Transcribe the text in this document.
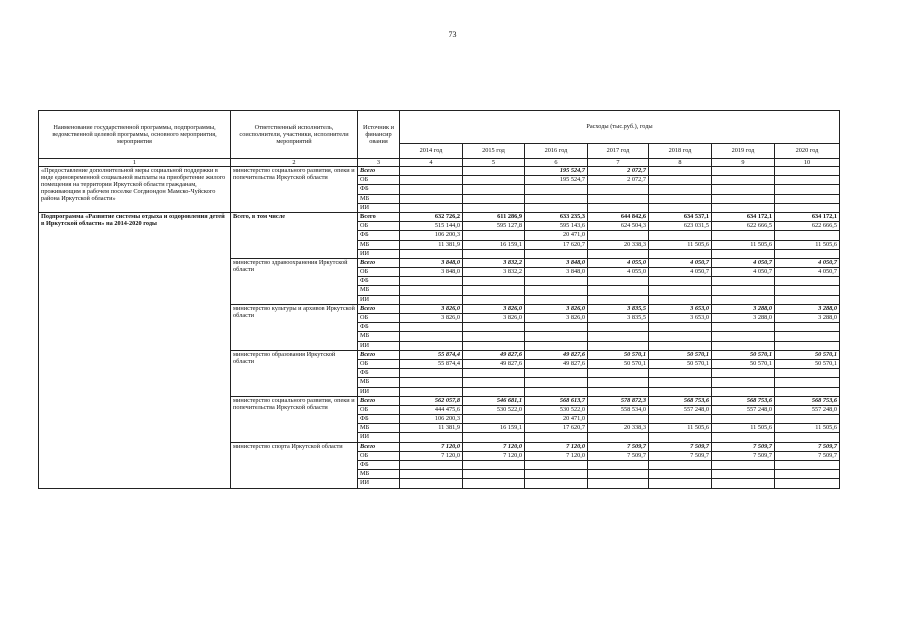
73
Наименование государственной программы, подпрограммы, ведомственной целевой программы, основного мероприятия, мероприятия	Ответственный исполнитель, соисполнители, участники, исполнители мероприятий	Источник и финансир ования	Расходы (тыс.руб.), годы						
			2014 год	2015 год	2016 год	2017 год	2018 год	2019 год	2020 год
1	2	3	4	5	6	7	8	9	10
«Предоставление дополнительной меры социальной поддержки в виде единовременной социальной выплаты на приобретение жилого помещения на территории Иркутской области гражданам, проживающим в рабочем поселке Согдиондон Мамско-Чуйского района Иркутской области»	министерство социального развития, опеки и попечительства Иркутской области	Всего			195 524,7	2 072,7			
		ОБ			195 524,7	2 072,7			
		ФБ							
		МБ							
		ИИ							
Подпрограмма «Развитие системы отдыха и оздоровления детей в Иркутской области» на 2014-2020 годы	Всего, в том числе	Всего	632 726,2	611 286,9	633 235,3	644 842,6	634 537,1	634 172,1	634 172,1
		ОБ	515 144,0	595 127,8	595 143,6	624 504,3	623 031,5	622 666,5	622 666,5
		ФБ	106 200,3		20 471,0				
		МБ	11 381,9	16 159,1	17 620,7	20 338,3	11 505,6	11 505,6	11 505,6
		ИИ							
	министерство здравоохранения Иркутской области	Всего	3 848,0	3 832,2	3 848,0	4 055,0	4 050,7	4 050,7	4 050,7
		ОБ	3 848,0	3 832,2	3 848,0	4 055,0	4 050,7	4 050,7	4 050,7
		ФБ							
		МБ							
		ИИ							
	министерство культуры и архивов Иркутской области	Всего	3 826,0	3 826,0	3 826,0	3 835,5	3 653,0	3 288,0	3 288,0
		ОБ	3 826,0	3 826,0	3 826,0	3 835,5	3 653,0	3 288,0	3 288,0
		ФБ							
		МБ							
		ИИ							
	министерство образования Иркутской области	Всего	55 874,4	49 827,6	49 827,6	50 570,1	50 570,1	50 570,1	50 570,1
		ОБ	55 874,4	49 827,6	49 827,6	50 570,1	50 570,1	50 570,1	50 570,1
		ФБ							
		МБ							
		ИИ							
	министерство социального развития, опеки и попечительства Иркутской области	Всего	562 057,8	546 681,1	568 613,7	578 872,3	568 753,6	568 753,6	568 753,6
		ОБ	444 475,6	530 522,0	530 522,0	558 534,0	557 248,0	557 248,0	557 248,0
		ФБ	106 200,3		20 471,0				
		МБ	11 381,9	16 159,1	17 620,7	20 338,3	11 505,6	11 505,6	11 505,6
		ИИ							
	министерство спорта Иркутской области	Всего	7 120,0	7 120,0	7 120,0	7 509,7	7 509,7	7 509,7	7 509,7
		ОБ	7 120,0	7 120,0	7 120,0	7 509,7	7 509,7	7 509,7	7 509,7
		ФБ							
		МБ							
		ИИ							
